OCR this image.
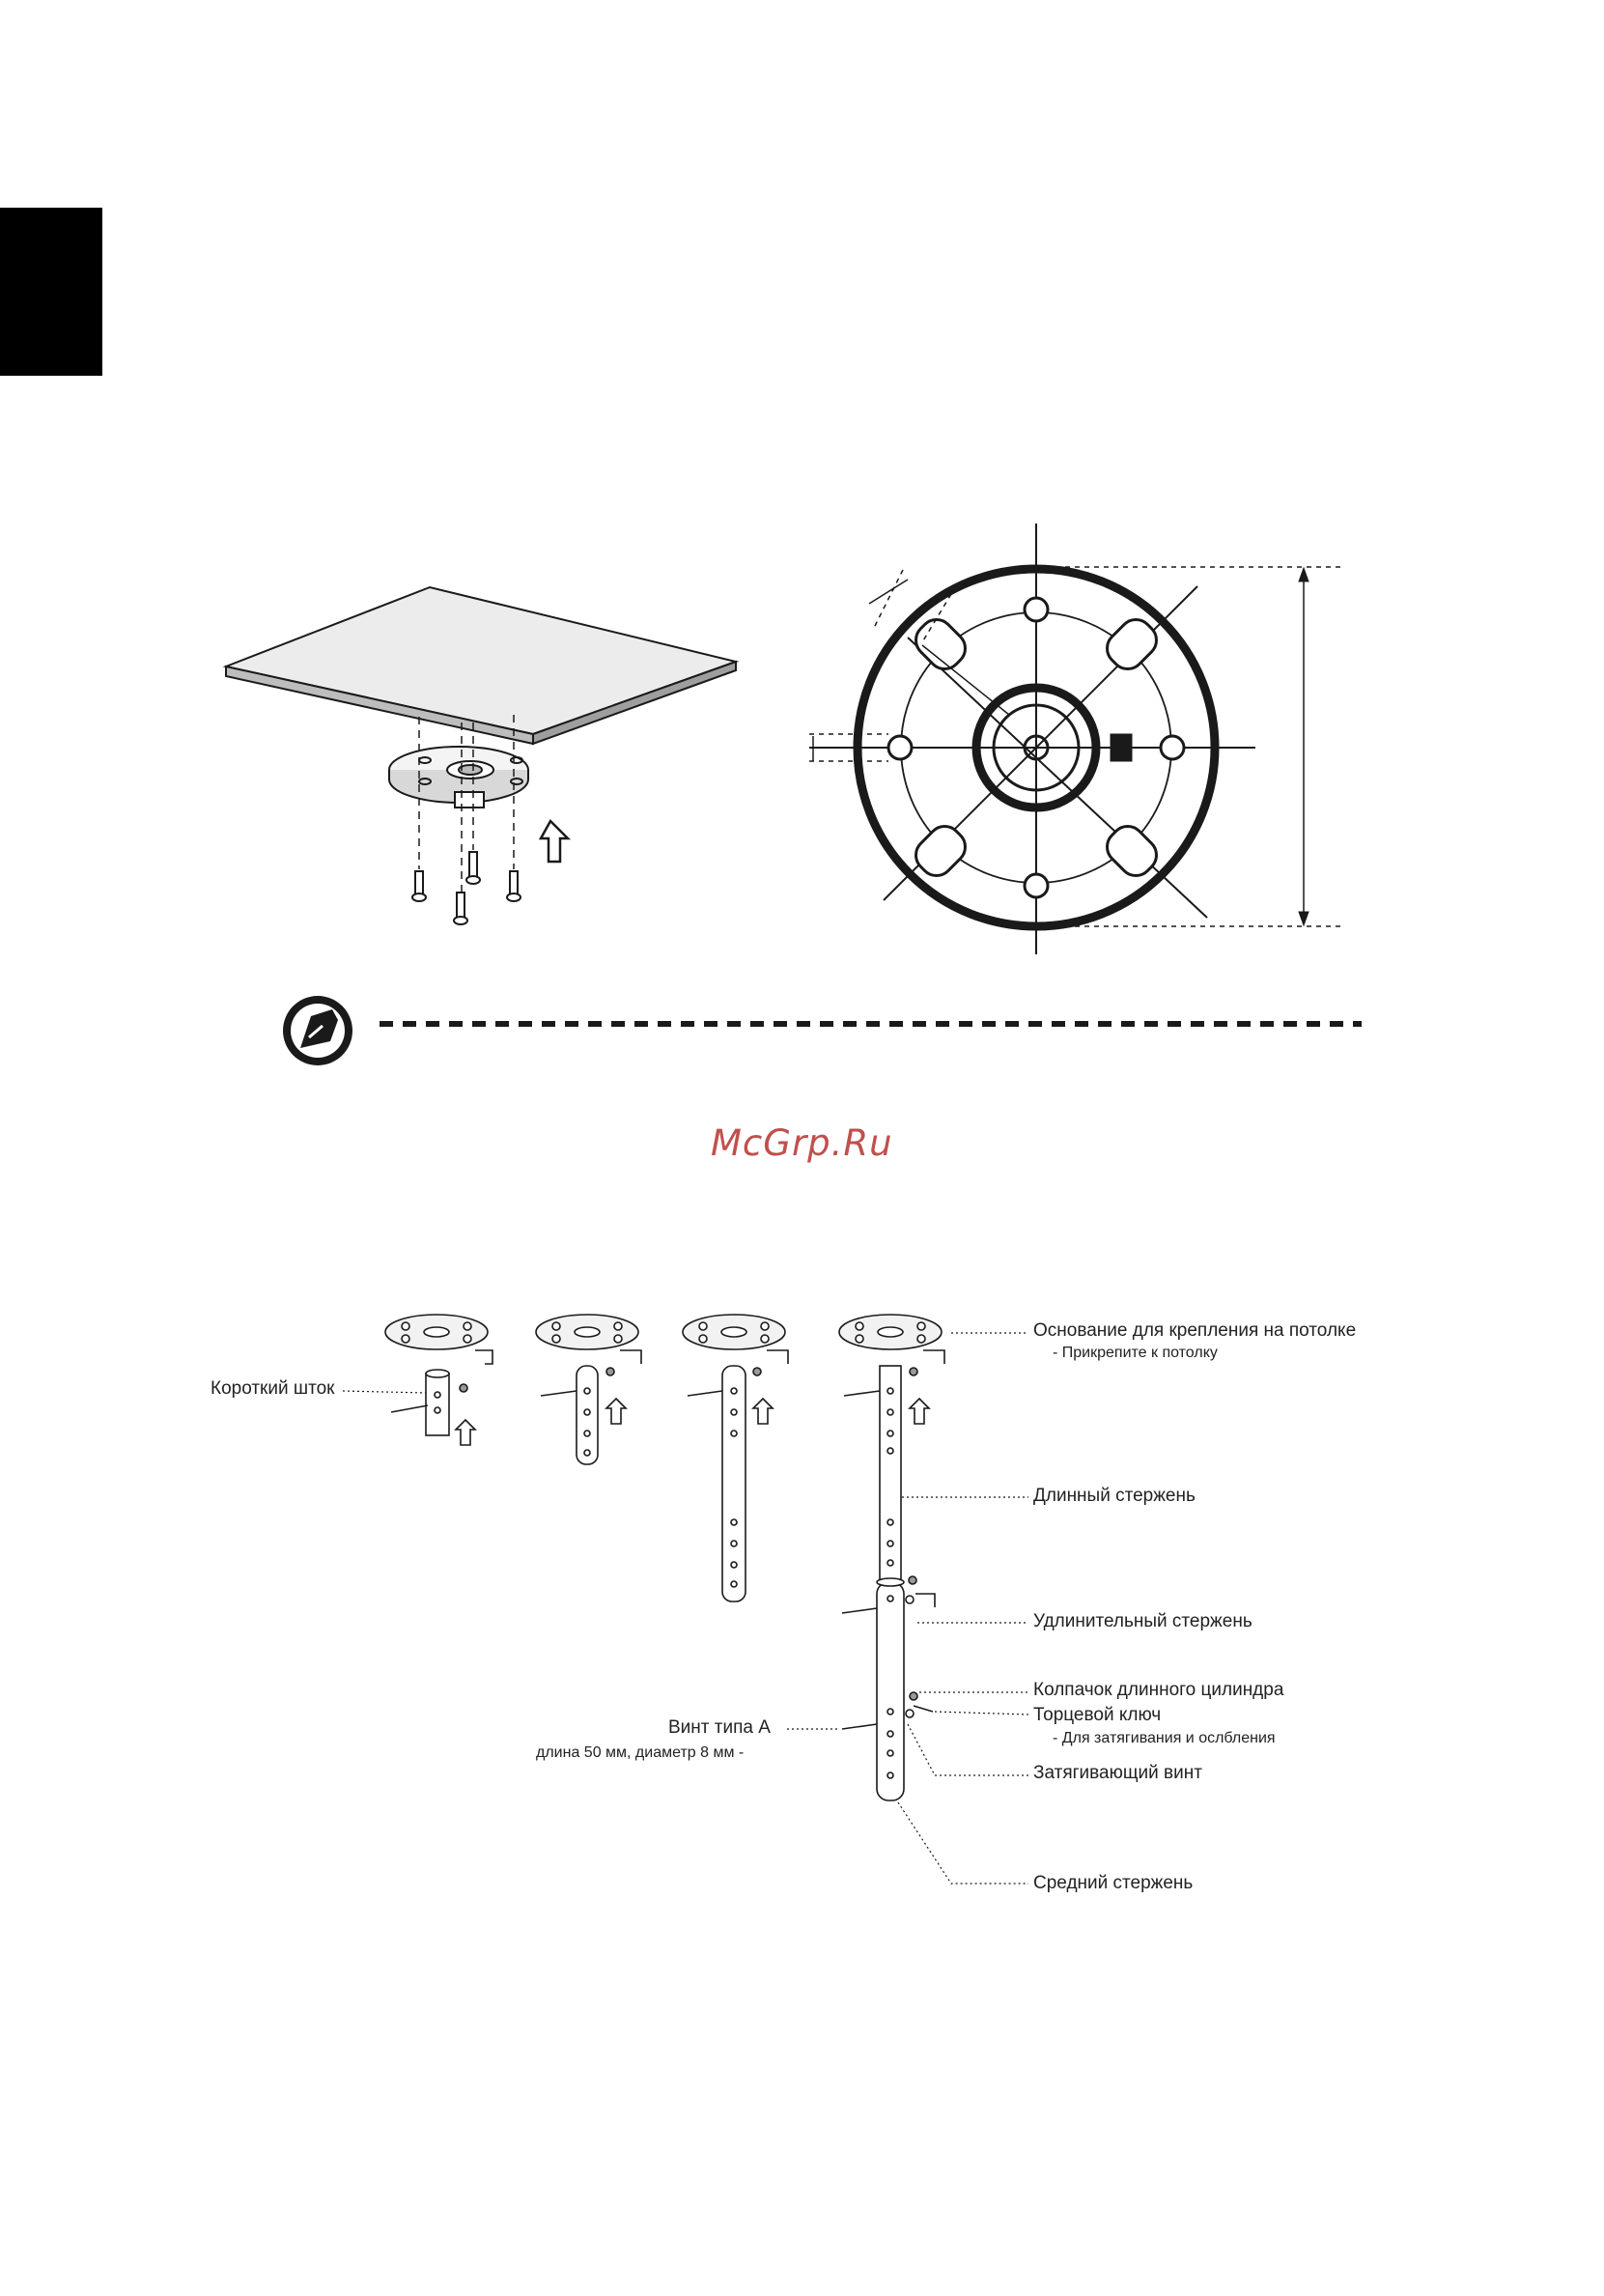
McGrp.Ru
Короткий шток
Основание для крепления на потолке
- Прикрепите к потолку
Длинный стержень
Удлинительный стержень
Колпачок длинного цилиндра
Торцевой ключ
- Для затягивания и ослбления
Винт типа А
длина 50 мм, диаметр 8 мм -
Затягивающий винт
Средний стержень
